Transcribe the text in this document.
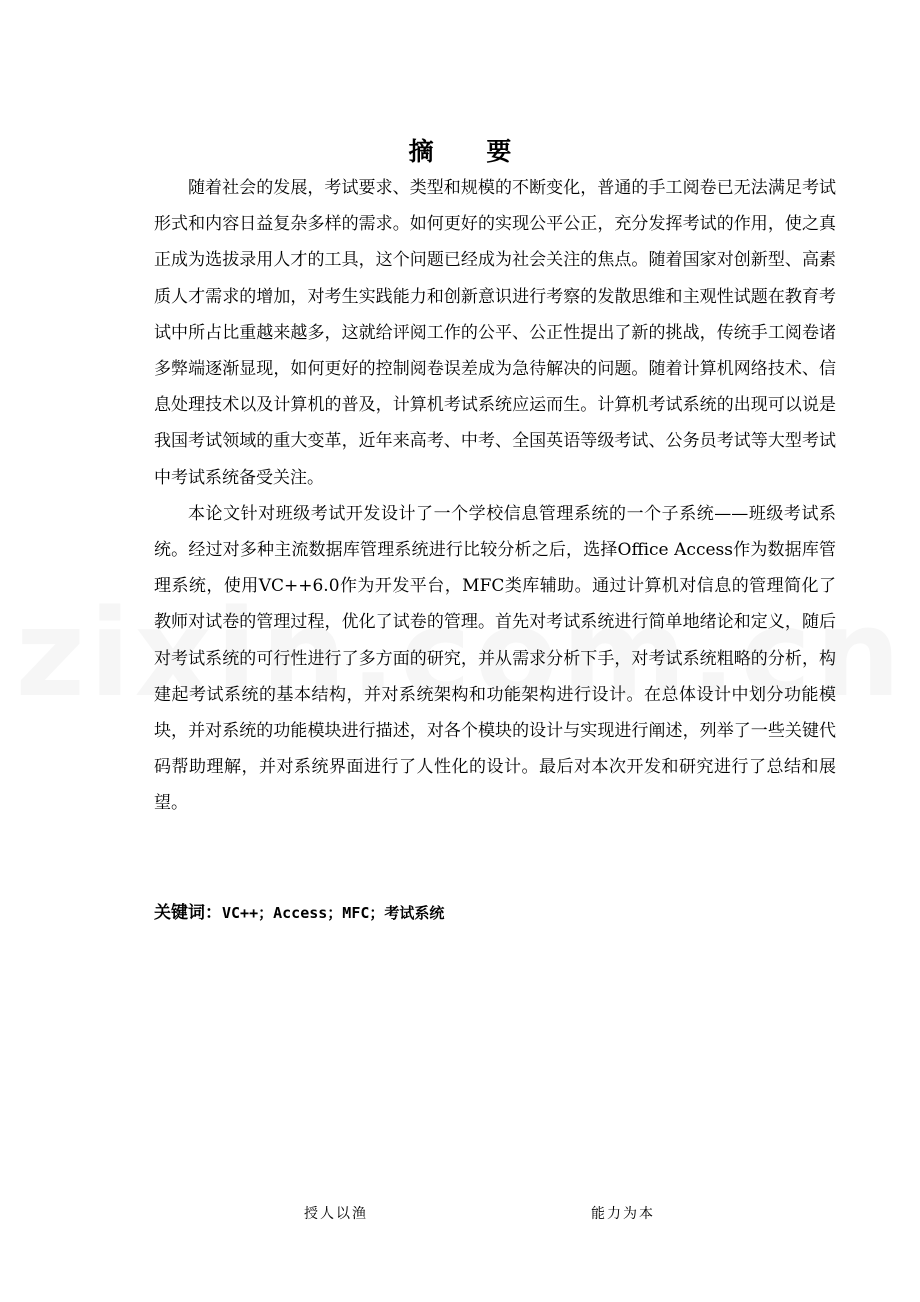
摘 要

随着社会的发展，考试要求、类型和规模的不断变化，普通的手工阅卷已无法满足考试形式和内容日益复杂多样的需求。如何更好的实现公平公正，充分发挥考试的作用，使之真正成为选拔录用人才的工具，这个问题已经成为社会关注的焦点。随着国家对创新型、高素质人才需求的增加，对考生实践能力和创新意识进行考察的发散思维和主观性试题在教育考试中所占比重越来越多，这就给评阅工作的公平、公正性提出了新的挑战，传统手工阅卷诸多弊端逐渐显现，如何更好的控制阅卷误差成为急待解决的问题。随着计算机网络技术、信息处理技术以及计算机的普及，计算机考试系统应运而生。计算机考试系统的出现可以说是我国考试领域的重大变革，近年来高考、中考、全国英语等级考试、公务员考试等大型考试中考试系统备受关注。

本论文针对班级考试开发设计了一个学校信息管理系统的一个子系统——班级考试系统。经过对多种主流数据库管理系统进行比较分析之后，选择Office Access作为数据库管理系统，使用VC++6.0作为开发平台，MFC类库辅助。通过计算机对信息的管理简化了教师对试卷的管理过程，优化了试卷的管理。首先对考试系统进行简单地绪论和定义，随后对考试系统的可行性进行了多方面的研究，并从需求分析下手，对考试系统粗略的分析，构建起考试系统的基本结构，并对系统架构和功能架构进行设计。在总体设计中划分功能模块，并对系统的功能模块进行描述，对各个模块的设计与实现进行阐述，列举了一些关键代码帮助理解，并对系统界面进行了人性化的设计。最后对本次开发和研究进行了总结和展望。

关键词：VC++；Access；MFC；考试系统
授人以渔	能力为本
